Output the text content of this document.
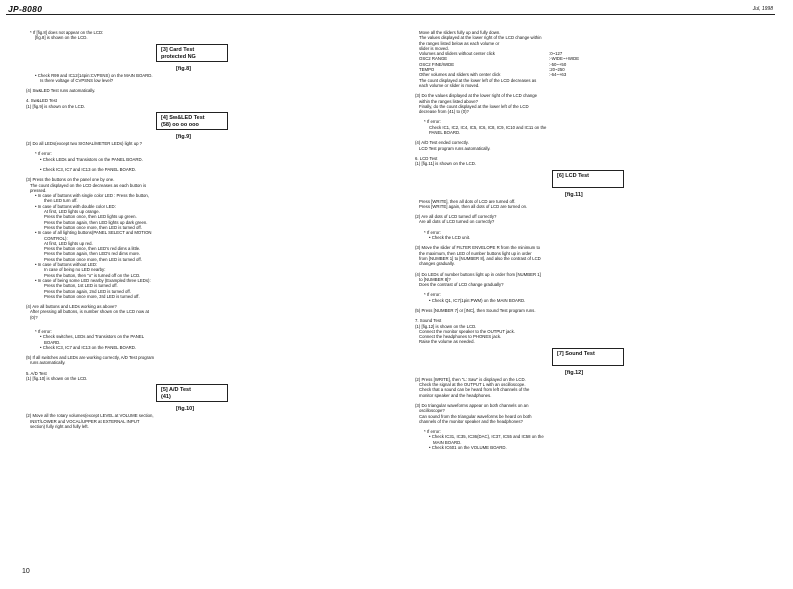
JP-8080	Jul, 1998
* If [fig.8] does not appear on the LCD:
[fig.8] is shown on the LCD.
[3] Card Test
protected NG
[fig.8]
• Check R99 and IC12(14pin:CVPSNS) on the MAIN BOARD.
Is there voltage of CVPSNS low level?
(4) Sw&LED Test runs automatically.
4. Sw&LED Test
(1) [fig.9] is shown on the LCD.
[4] Sw&LED Test
(58) oo oo ooo
[fig.9]
(2) Do all LEDs(except two SIGNAL/METER LEDs) light up ?
* If error:
• Check LEDs and Transistors on the PANEL BOARD.
• Check IC3, IC7 and IC13 on the PANEL BOARD.
(3) Press the buttons on the panel one by one.
The count displayed on the LCD decreases as each button is
pressed.
• In case of buttons with single color LED : Press the button,
then LED turn off.
• In case of buttons with double color LED:
At first, LED lights up orange.
Press the button once, then LED lights up green.
Press the button again, then LED lights up dark green.
Press the button once more, then LED is turned off.
• In case of all lighting buttons(PANEL SELECT and MOTION
CONTROL):
At first, LED lights up red.
Press the button once, then LED's red dims a little.
Press the button again, then LED's red dims more.
Press the button once more, then LED is turned off.
• In case of buttons without LED:
In case of being no LED nearby:
Press the button, then "o" is turned off on the LCD.
• In case of being some LED nearby (Exampled three LEDs):
Press the button, 1st LED is turned off.
Press the button again, 2nd LED is turned off.
Press the button once more, 3rd LED is turned off.
(4) Are all buttons and LEDs working as above?
After pressing all buttons, is number shown on the LCD now at
(0)?
* If error:
• Check switches, LEDs and Transistors on the PANEL
BOARD.
• Check IC3, IC7 and IC13 on the PANEL BOARD.
(5) If all switches and LEDs are working correctly, A/D Test program
runs automatically.
5. A/D Test
(1) [fig.10] is shown on the LCD.
[5] A/D Test
(41)
[fig.10]
(2) Move all the rotary volumes(except LEVEL at VOLUME section,
INST/LOWER and VOCAL/UPPER at EXTERNAL INPUT
section) fully right and fully left.
Move all the sliders fully up and fully down.
The values displayed at the lower right of the LCD change within
the ranges listed below as each volume or
slider is moved.
Volumes and sliders without center click	:0~127
OSC2 RANGE	:-WIDE~+WIDE
OSC2 FINE/WIDE	:-50~+50
TEMPO	:20~250
Other volumes and sliders with center click	:-64~+63
The count displayed at the lower left of the LCD decreases as
each volume or slider is moved.
(3) Do the values displayed at the lower right of the LCD change
within the ranges listed above?
Finally, do the count displayed at the lower left of the LCD
decrease from (41) to (0)?
* If error:
Check IC1, IC2, IC4, IC5, IC6, IC8, IC9, IC10 and IC11 on the
PANEL BOARD.
(4) A/D Test ended correctly.
LCD Test program runs automatically.
6. LCD Test
(1) [fig.11] is shown on the LCD.
[6] LCD Test
[fig.11]
Press [WRITE], then all dots of LCD are turned off.
Press [WRITE] again, then all dots of LCD are turned on.
(2) Are all dots of LCD turned off correctly?
Are all dots of LCD turned on correctly?
* If error:
• Check the LCD unit.
(3) Move the slider of FILTER ENVELOPE R from the minimum to
the maximum, then LED of number buttons light up in order
from [NUMBER 1] to [NUMBER 8], and also the contrast of LCD
changes gradually.
(4) Do LEDs of number buttons light up in order from [NUMBER 1]
to [NUMBER 8]?
Does the contrast of LCD change gradually?
* If error:
• Check Q1, IC7(1pin:PWM) on the MAIN BOARD.
(5) Press [NUMBER 7] or [INC], then Sound Test program runs.
7. Sound Test
(1) [fig.12] is shown on the LCD.
Connect the monitor speaker to the OUTPUT jack.
Connect the headphones to PHONES jack.
Raise the volume as needed.
[7] Sound Test
[fig.12]
(2) Press [WRITE], then "L: Saw" is displayed on the LCD.
Check the signal at the OUTPUT L with an oscilloscope.
Check that a sound can be heard from left channels of the
monitor speaker and the headphones.
(3) Do triangular waveforms appear on both channels on an
oscilloscope?
Can sound from the triangular waveforms be heard on both
channels of the monitor speaker and the headphones?
* If error:
• Check IC31, IC35, IC36(DAC), IC37, IC55 and IC58 on the
MAIN BOARD.
• Check IC601 on the VOLUME BOARD.
10
